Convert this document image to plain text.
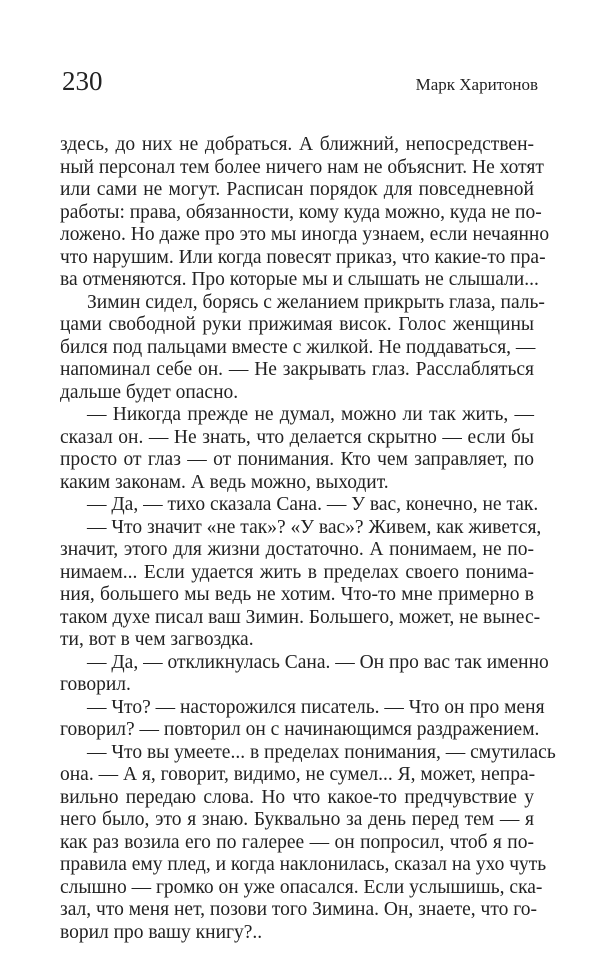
230	Марк Харитонов
здесь, до них не добраться. А ближний, непосредствен-
ный персонал тем более ничего нам не объяснит. Не хотят
или сами не могут. Расписан порядок для повседневной
работы: права, обязанности, кому куда можно, куда не по-
ложено. Но даже про это мы иногда узнаем, если нечаянно
что нарушим. Или когда повесят приказ, что какие-то пра-
ва отменяются. Про которые мы и слышать не слышали...
Зимин сидел, борясь с желанием прикрыть глаза, паль-
цами свободной руки прижимая висок. Голос женщины
бился под пальцами вместе с жилкой. Не поддаваться, —
напоминал себе он. — Не закрывать глаз. Расслабляться
дальше будет опасно.
— Никогда прежде не думал, можно ли так жить, —
сказал он. — Не знать, что делается скрытно — если бы
просто от глаз — от понимания. Кто чем заправляет, по
каким законам. А ведь можно, выходит.
— Да, — тихо сказала Сана. — У вас, конечно, не так.
— Что значит «не так»? «У вас»? Живем, как живется,
значит, этого для жизни достаточно. А понимаем, не по-
нимаем... Если удается жить в пределах своего понима-
ния, большего мы ведь не хотим. Что-то мне примерно в
таком духе писал ваш Зимин. Большего, может, не вынес-
ти, вот в чем загвоздка.
— Да, — откликнулась Сана. — Он про вас так именно
говорил.
— Что? — насторожился писатель. — Что он про меня
говорил? — повторил он с начинающимся раздражением.
— Что вы умеете... в пределах понимания, — смутилась
она. — А я, говорит, видимо, не сумел... Я, может, непра-
вильно передаю слова. Но что какое-то предчувствие у
него было, это я знаю. Буквально за день перед тем — я
как раз возила его по галерее — он попросил, чтоб я по-
правила ему плед, и когда наклонилась, сказал на ухо чуть
слышно — громко он уже опасался. Если услышишь, ска-
зал, что меня нет, позови того Зимина. Он, знаете, что го-
ворил про вашу книгу?..
